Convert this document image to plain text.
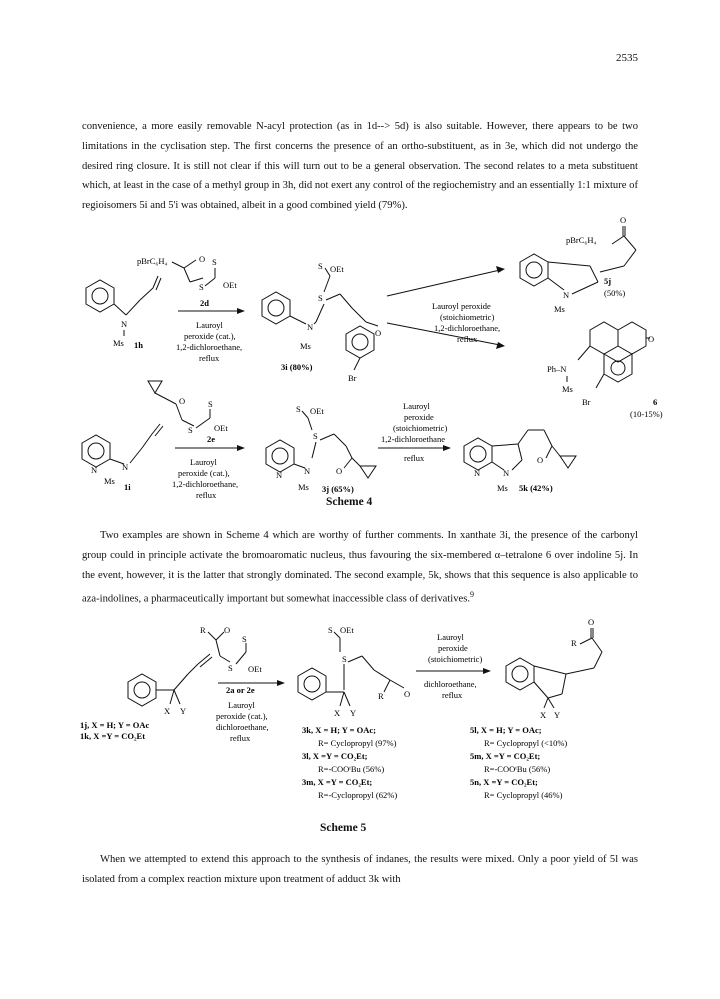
2535

convenience, a more easily removable N-acyl protection (as in 1d--> 5d) is also suitable. However, there appears to be two limitations in the cyclisation step. The first concerns the presence of an ortho-substituent, as in 3e, which did not undergo the desired ring closure. It is still not clear if this will turn out to be a general observation. The second relates to a meta substituent which, at least in the case of a methyl group in 3h, did not exert any control of the regiochemistry and an essentially 1:1 mixture of regioisomers 5i and 5'i was obtained, albeit in a good combined yield (79%).

N
Ms 1h
pBrC₆H₄	O
S
S
OEt
2d
Lauroyl
peroxide (cat.),
1,2-dichloroethane,
reflux
S OEt
S
O
N
Ms
Br
3i (80%)
Lauroyl peroxide
(stoichiometric)
1,2-dichloroethane,
reflux
O
pBrC₆H₄
N
Ms
5j
(50%)
O
Ph–N
Ms
Br	6
(10-15%)
N	N
Ms
1i
O
S
S
OEt
2e
Lauroyl
peroxide (cat.),
1,2-dichloroethane,
reflux
S OEt
S
O
N	N
Ms 3j (65%)
Lauroyl
peroxide
(stoichiometric)
1,2-dichloroethane
reflux
N	N
Ms
O
5k (42%)
Scheme 4

Two examples are shown in Scheme 4 which are worthy of further comments. In xanthate 3i, the presence of the carbonyl group could in principle activate the bromoaromatic nucleus, thus favouring the six-membered α–tetralone 6 over indoline 5j. In the event, however, it is the latter that strongly dominated. The second example, 5k, shows that this sequence is also applicable to aza-indolines, a pharmaceutically important but somewhat inaccessible class of derivatives.$^9$

X Y
R O
S
S
OEt
2a or 2e
Lauroyl
peroxide (cat.),
dichloroethane,
reflux
1j, X = H; Y = OAc
1k, X =Y = CO₂Et
S OEt
S
R O
X Y
Lauroyl
peroxide
(stoichiometric)
dichloroethane,
reflux
O
R
X Y
3k, X = H; Y = OAc;
R= Cyclopropyl (97%)
3l, X =Y = CO₂Et;
R=-COOᵗBu (56%)
3m, X =Y = CO₂Et;
R=-Cyclopropyl (62%)
5l, X = H; Y = OAc;
R= Cyclopropyl (<10%)
5m, X =Y = CO₂Et;
R=-COOᵗBu (56%)
5n, X =Y = CO₂Et;
R= Cyclopropyl (46%)
Scheme 5

When we attempted to extend this approach to the synthesis of indanes, the results were mixed. Only a poor yield of 5l was isolated from a complex reaction mixture upon treatment of adduct 3k with
